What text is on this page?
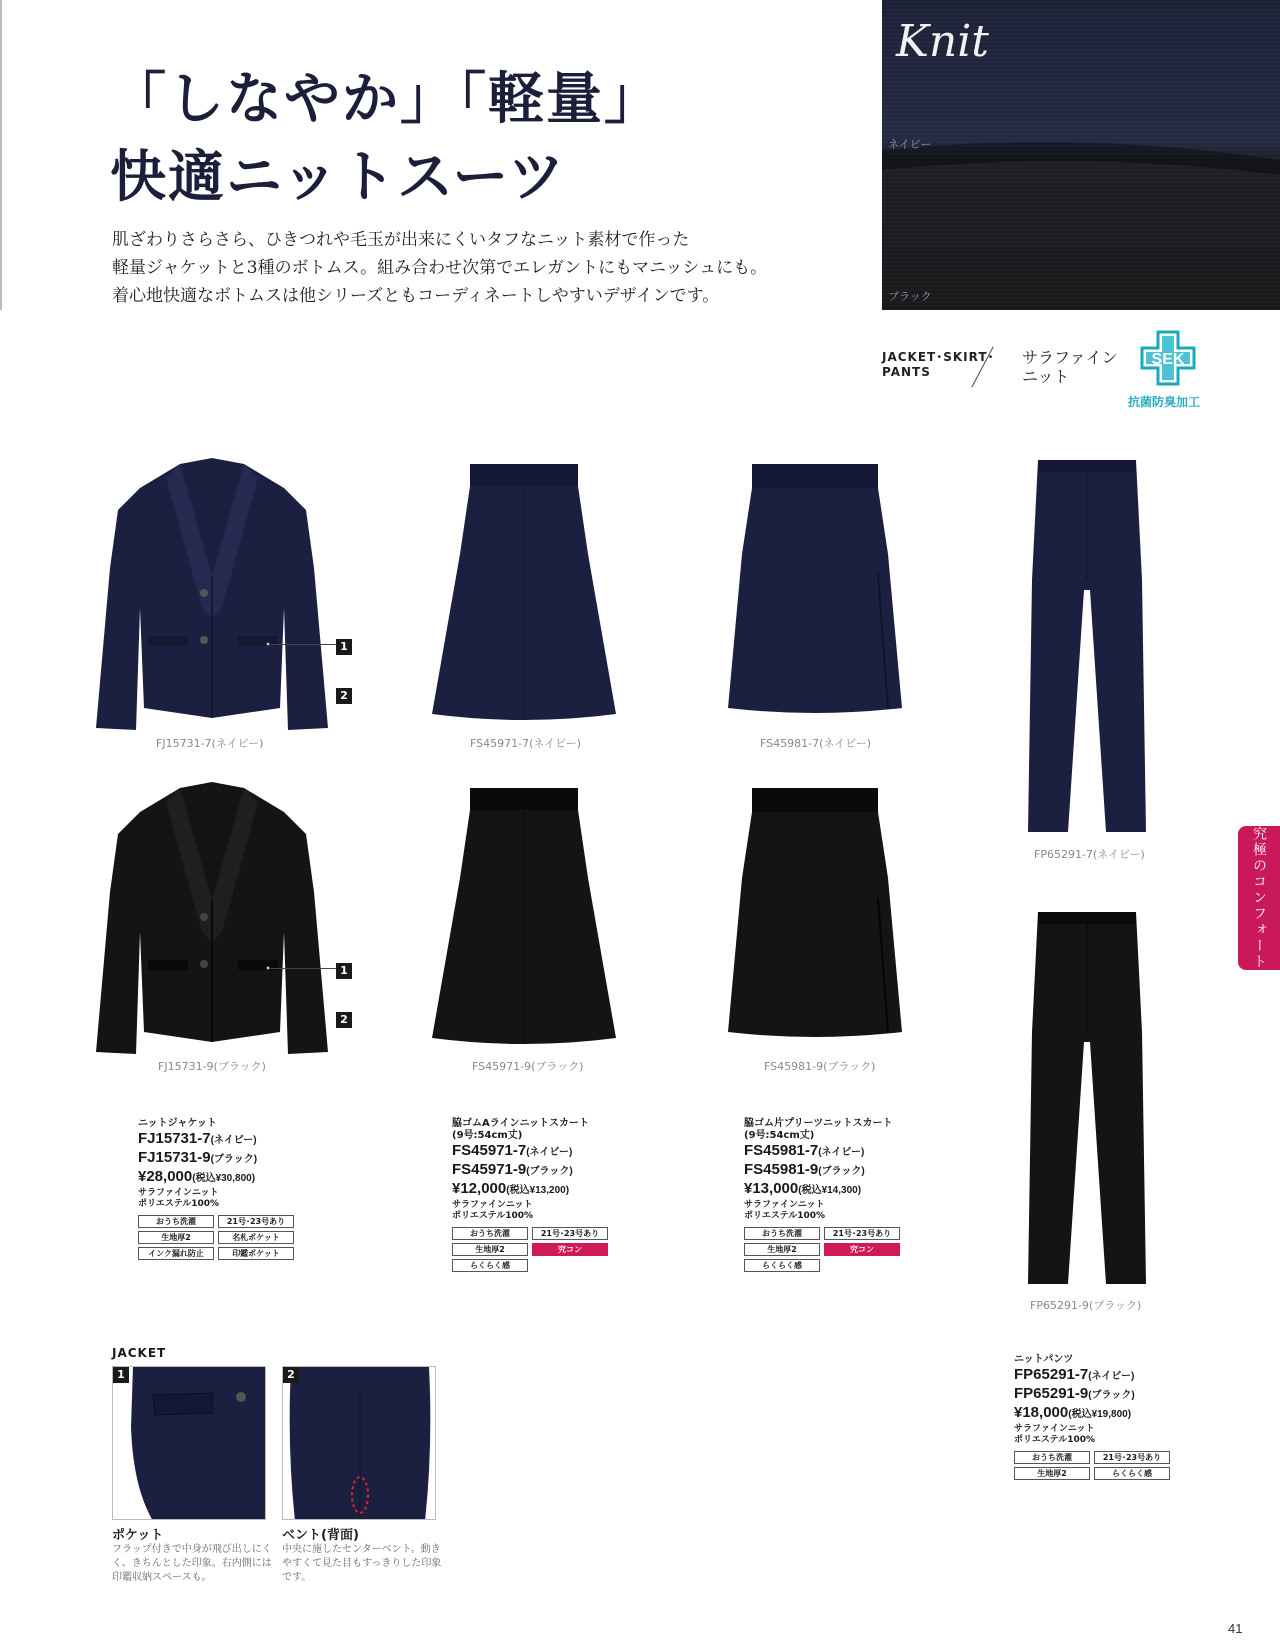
「しなやか」「軽量」
快適ニットスーツ
肌ざわりさらさら、ひきつれや毛玉が出来にくいタフなニット素材で作った
軽量ジャケットと3種のボトムス。組み合わせ次第でエレガントにもマニッシュにも。
着心地快適なボトムスは他シリーズともコーディネートしやすいデザインです。
Knit
ネイビー
ブラック
JACKET･SKIRT･
PANTS
サラファイン
ニット
SEK
抗菌防臭加工
1
2
FJ15731-7(ネイビー)
1
2
FJ15731-9(ブラック)
FS45971-7(ネイビー)
FS45971-9(ブラック)
FS45981-7(ネイビー)
FS45981-9(ブラック)
FP65291-7(ネイビー)
FP65291-9(ブラック)
究極のコンフォート
ニットジャケット
FJ15731-7(ネイビー)
FJ15731-9(ブラック)
¥28,000(税込¥30,800)
サラファインニット
ポリエステル100%
おうち洗濯	21号･23号あり
生地厚2	名札ポケット
インク漏れ防止	印鑑ポケット
脇ゴムAラインニットスカート
(9号:54cm丈)
FS45971-7(ネイビー)
FS45971-9(ブラック)
¥12,000(税込¥13,200)
サラファインニット
ポリエステル100%
おうち洗濯	21号･23号あり
生地厚2	究コン
らくらく感
脇ゴム片プリーツニットスカート
(9号:54cm丈)
FS45981-7(ネイビー)
FS45981-9(ブラック)
¥13,000(税込¥14,300)
サラファインニット
ポリエステル100%
おうち洗濯	21号･23号あり
生地厚2	究コン
らくらく感
ニットパンツ
FP65291-7(ネイビー)
FP65291-9(ブラック)
¥18,000(税込¥19,800)
サラファインニット
ポリエステル100%
おうち洗濯	21号･23号あり
生地厚2	らくらく感
JACKET
1
ポケット
フラップ付きで中身が飛び出しにくく、きちんとした印象。右内側には印鑑収納スペースも。
2
ベント(背面)
中央に施したセンターベント。動きやすくて見た目もすっきりした印象です。
41
